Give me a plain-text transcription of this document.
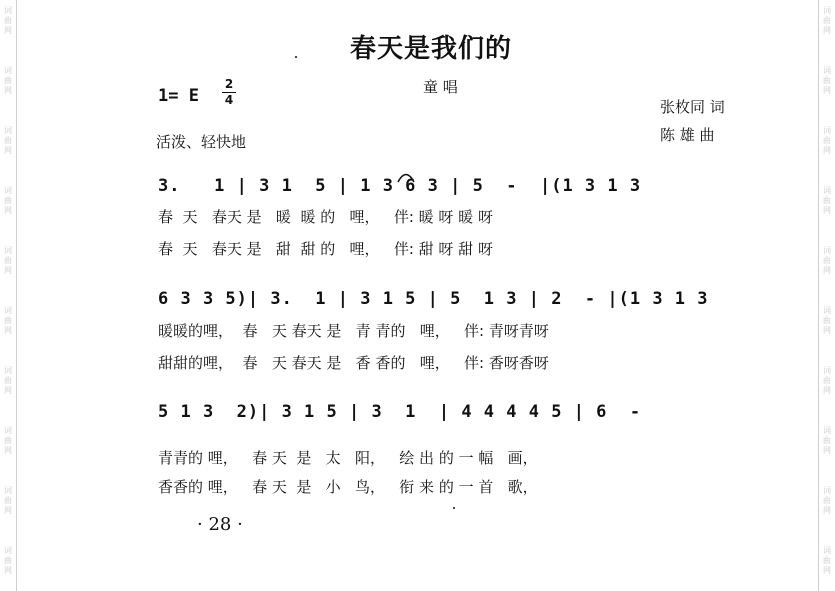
词曲网
词曲网
词曲网
词曲网
词曲网
词曲网
词曲网
词曲网
词曲网
词曲网
词曲网
词曲网
词曲网
词曲网
词曲网
词曲网
词曲网
词曲网
词曲网
词曲网
春天是我们的
童 唱
1= E
2
4
活泼、轻快地
张枚同 词
陈 雄 曲
3.   1 | 3 1  5 | 1 3 6 3 | 5  -  |(1 3 1 3
春  天   春天 是   暖  暖 的   哩，   伴: 暖 呀 暖 呀
春  天   春天 是   甜  甜 的   哩，   伴: 甜 呀 甜 呀
6 3 3 5)| 3.  1 | 3 1 5 | 5  1 3 | 2  - |(1 3 1 3
暖暖的哩，  春   天 春天 是   青 青的   哩，   伴: 青呀青呀
甜甜的哩，  春   天 春天 是   香 香的   哩，   伴: 香呀香呀
5 1 3  2)| 3 1 5 | 3  1  | 4 4 4 4 5 | 6  -
青青的 哩，   春 天  是   太   阳，   绘 出 的 一 幅   画，
香香的 哩，   春 天  是   小   鸟，   衔 来 的 一 首   歌，
· 28 ·
